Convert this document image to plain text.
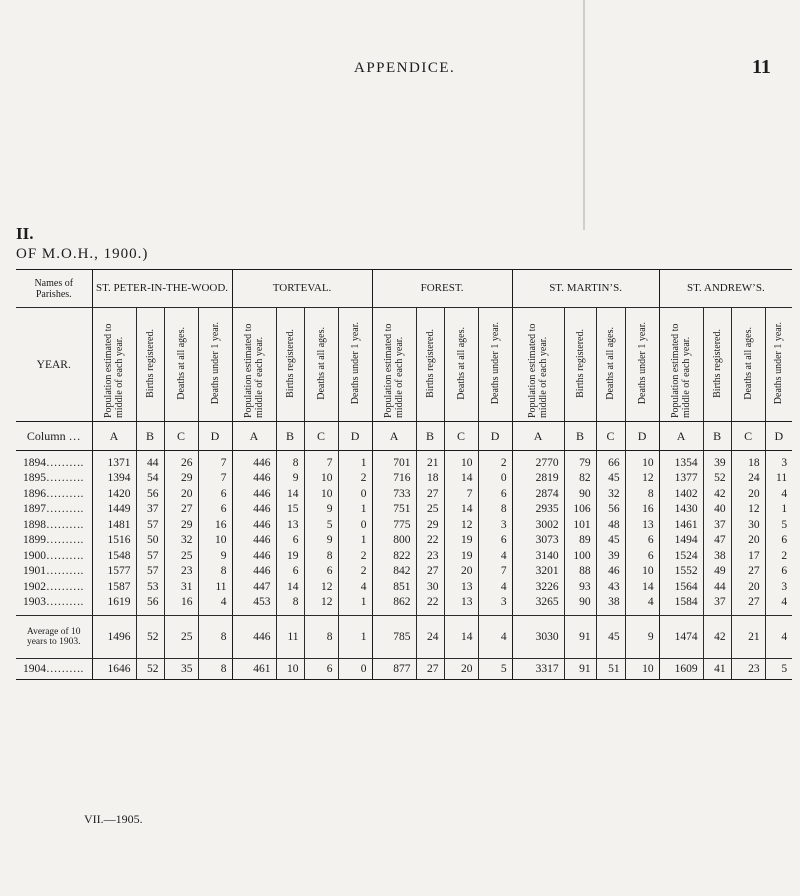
APPENDICE.	11
II.
OF M.O.H., 1900.)
Names of Parishes.	ST. PETER-IN-THE-WOOD.				TORTEVAL.				FOREST.				ST. MARTIN’S.				ST. ANDREW’S.			
YEAR.	Population estimated to middle of each year.	Births registered.	Deaths at all ages.	Deaths under 1 year.	Population estimated to middle of each year.	Births registered.	Deaths at all ages.	Deaths under 1 year.	Population estimated to middle of each year.	Births registered.	Deaths at all ages.	Deaths under 1 year.	Population estimated to middle of each year.	Births registered.	Deaths at all ages.	Deaths under 1 year.	Population estimated to middle of each year.	Births registered.	Deaths at all ages.	Deaths under 1 year.
Column …	A	B	C	D	A	B	C	D	A	B	C	D	A	B	C	D	A	B	C	D
1894……….	1371	44	26	7	446	8	7	1	701	21	10	2	2770	79	66	10	1354	39	18	3
1895……….	1394	54	29	7	446	9	10	2	716	18	14	0	2819	82	45	12	1377	52	24	11
1896……….	1420	56	20	6	446	14	10	0	733	27	7	6	2874	90	32	8	1402	42	20	4
1897……….	1449	37	27	6	446	15	9	1	751	25	14	8	2935	106	56	16	1430	40	12	1
1898……….	1481	57	29	16	446	13	5	0	775	29	12	3	3002	101	48	13	1461	37	30	5
1899……….	1516	50	32	10	446	6	9	1	800	22	19	6	3073	89	45	6	1494	47	20	6
1900……….	1548	57	25	9	446	19	8	2	822	23	19	4	3140	100	39	6	1524	38	17	2
1901……….	1577	57	23	8	446	6	6	2	842	27	20	7	3201	88	46	10	1552	49	27	6
1902……….	1587	53	31	11	447	14	12	4	851	30	13	4	3226	93	43	14	1564	44	20	3
1903……….	1619	56	16	4	453	8	12	1	862	22	13	3	3265	90	38	4	1584	37	27	4
Average of 10 years to 1903.	1496	52	25	8	446	11	8	1	785	24	14	4	3030	91	45	9	1474	42	21	4
1904……….	1646	52	35	8	461	10	6	0	877	27	20	5	3317	91	51	10	1609	41	23	5
VII.—1905.
